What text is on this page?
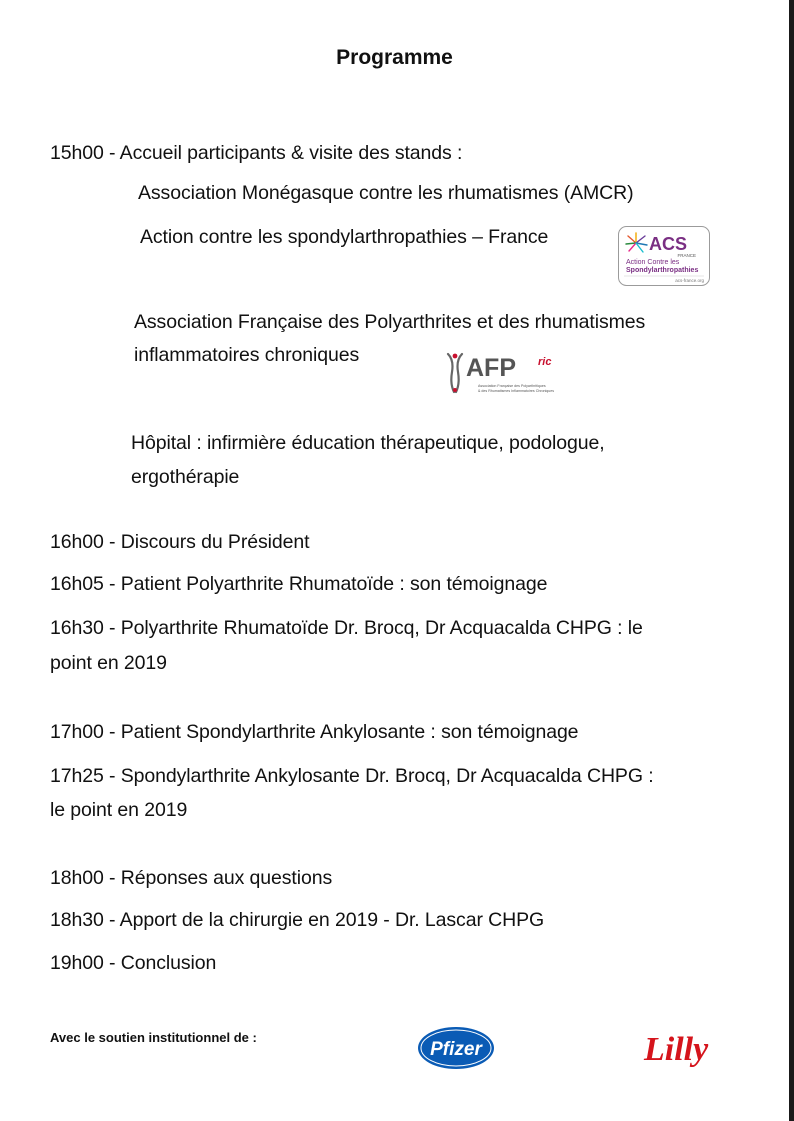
Programme
15h00 - Accueil participants & visite des stands :
Association Monégasque contre les rhumatismes (AMCR)
Action contre les spondylarthropathies – France	ACS
FRANCE
Action Contre les
Spondylarthropathies
acs-france.org
Association Française des Polyarthrites et des rhumatismes
inflammatoires chroniques	AFP ric
Association Française des Polyarthritiques
& des Rhumatismes Inflammatoires Chroniques
Hôpital : infirmière éducation thérapeutique, podologue,
ergothérapie
16h00 - Discours du Président
16h05 - Patient Polyarthrite Rhumatoïde : son témoignage
16h30 - Polyarthrite Rhumatoïde Dr. Brocq, Dr Acquacalda CHPG : le
point en 2019
17h00 - Patient Spondylarthrite Ankylosante : son témoignage
17h25 - Spondylarthrite Ankylosante Dr. Brocq, Dr Acquacalda CHPG :
le point en 2019
18h00 - Réponses aux questions
18h30 - Apport de la chirurgie en 2019 - Dr. Lascar CHPG
19h00 - Conclusion
Avec le soutien institutionnel de :
Pfizer	Lilly
